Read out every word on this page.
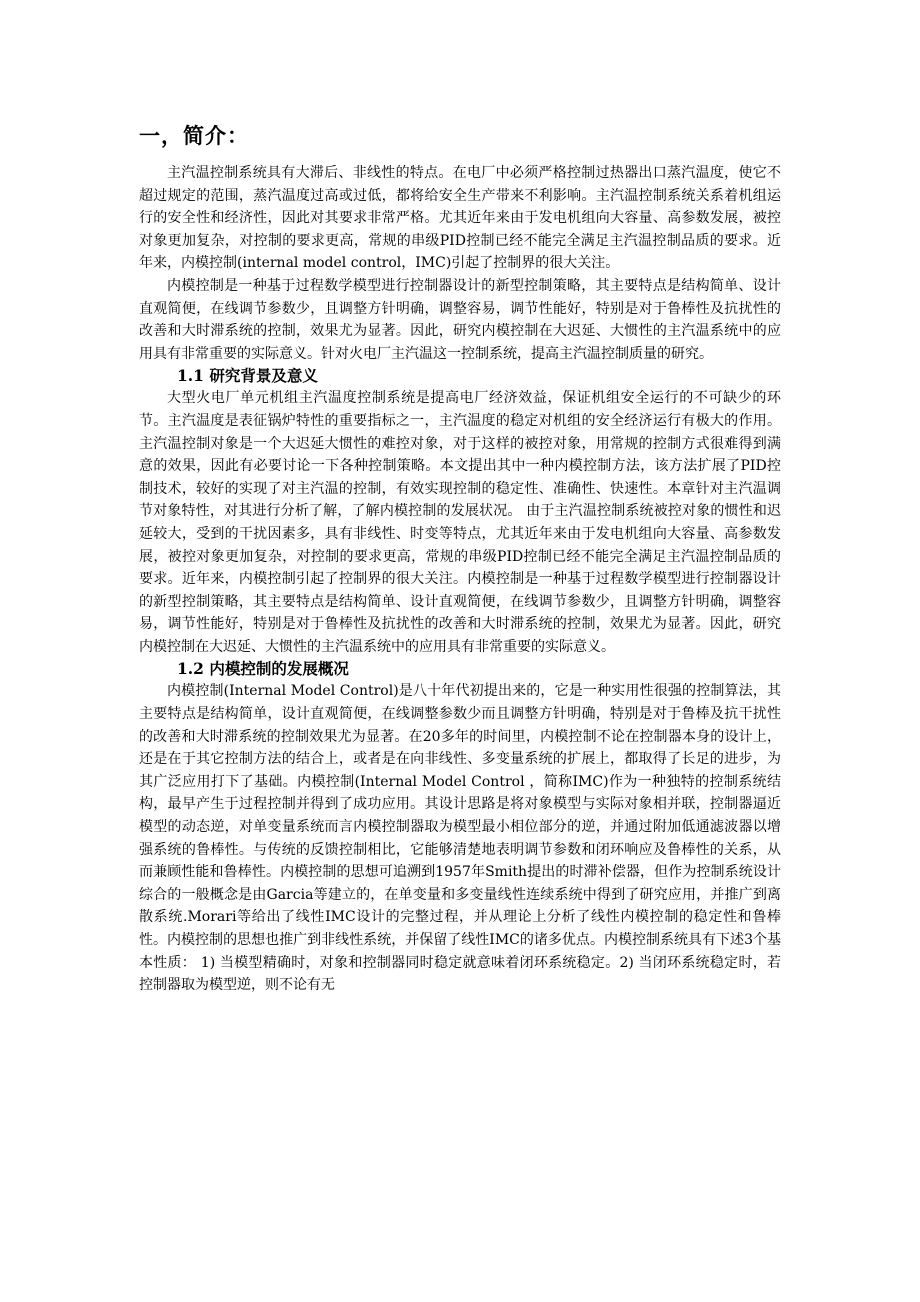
一，简介：

主汽温控制系统具有大滞后、非线性的特点。在电厂中必须严格控制过热器出口蒸汽温度，使它不超过规定的范围，蒸汽温度过高或过低，都将给安全生产带来不利影响。主汽温控制系统关系着机组运行的安全性和经济性，因此对其要求非常严格。尤其近年来由于发电机组向大容量、高参数发展，被控对象更加复杂，对控制的要求更高，常规的串级PID控制已经不能完全满足主汽温控制品质的要求。近年来，内模控制(internal model control，IMC)引起了控制界的很大关注。

内模控制是一种基于过程数学模型进行控制器设计的新型控制策略，其主要特点是结构简单、设计直观简便，在线调节参数少，且调整方针明确，调整容易，调节性能好，特别是对于鲁棒性及抗扰性的改善和大时滞系统的控制，效果尤为显著。因此，研究内模控制在大迟延、大惯性的主汽温系统中的应用具有非常重要的实际意义。针对火电厂主汽温这一控制系统，提高主汽温控制质量的研究。

1.1 研究背景及意义

大型火电厂单元机组主汽温度控制系统是提高电厂经济效益，保证机组安全运行的不可缺少的环节。主汽温度是表征锅炉特性的重要指标之一，主汽温度的稳定对机组的安全经济运行有极大的作用。主汽温控制对象是一个大迟延大惯性的难控对象，对于这样的被控对象，用常规的控制方式很难得到满意的效果，因此有必要讨论一下各种控制策略。本文提出其中一种内模控制方法，该方法扩展了PID控制技术，较好的实现了对主汽温的控制，有效实现控制的稳定性、准确性、快速性。本章针对主汽温调节对象特性，对其进行分析了解，了解内模控制的发展状况。 由于主汽温控制系统被控对象的惯性和迟延较大，受到的干扰因素多，具有非线性、时变等特点，尤其近年来由于发电机组向大容量、高参数发展，被控对象更加复杂，对控制的要求更高，常规的串级PID控制已经不能完全满足主汽温控制品质的要求。近年来，内模控制引起了控制界的很大关注。内模控制是一种基于过程数学模型进行控制器设计的新型控制策略，其主要特点是结构简单、设计直观简便，在线调节参数少，且调整方针明确，调整容易，调节性能好，特别是对于鲁棒性及抗扰性的改善和大时滞系统的控制，效果尤为显著。因此，研究内模控制在大迟延、大惯性的主汽温系统中的应用具有非常重要的实际意义。

1.2 内模控制的发展概况

内模控制(Internal Model Control)是八十年代初提出来的，它是一种实用性很强的控制算法，其主要特点是结构简单，设计直观简便，在线调整参数少而且调整方针明确，特别是对于鲁棒及抗干扰性的改善和大时滞系统的控制效果尤为显著。在20多年的时间里，内模控制不论在控制器本身的设计上，还是在于其它控制方法的结合上，或者是在向非线性、多变量系统的扩展上，都取得了长足的进步，为其广泛应用打下了基础。内模控制(Internal Model Control ，简称IMC)作为一种独特的控制系统结构，最早产生于过程控制并得到了成功应用。其设计思路是将对象模型与实际对象相并联，控制器逼近模型的动态逆，对单变量系统而言内模控制器取为模型最小相位部分的逆，并通过附加低通滤波器以增强系统的鲁棒性。与传统的反馈控制相比，它能够清楚地表明调节参数和闭环响应及鲁棒性的关系，从而兼顾性能和鲁棒性。内模控制的思想可追溯到1957年Smith提出的时滞补偿器，但作为控制系统设计综合的一般概念是由Garcia等建立的，在单变量和多变量线性连续系统中得到了研究应用，并推广到离散系统.Morari等给出了线性IMC设计的完整过程，并从理论上分析了线性内模控制的稳定性和鲁棒性。内模控制的思想也推广到非线性系统，并保留了线性IMC的诸多优点。内模控制系统具有下述3个基本性质： 1) 当模型精确时，对象和控制器同时稳定就意味着闭环系统稳定。2) 当闭环系统稳定时，若控制器取为模型逆，则不论有无
